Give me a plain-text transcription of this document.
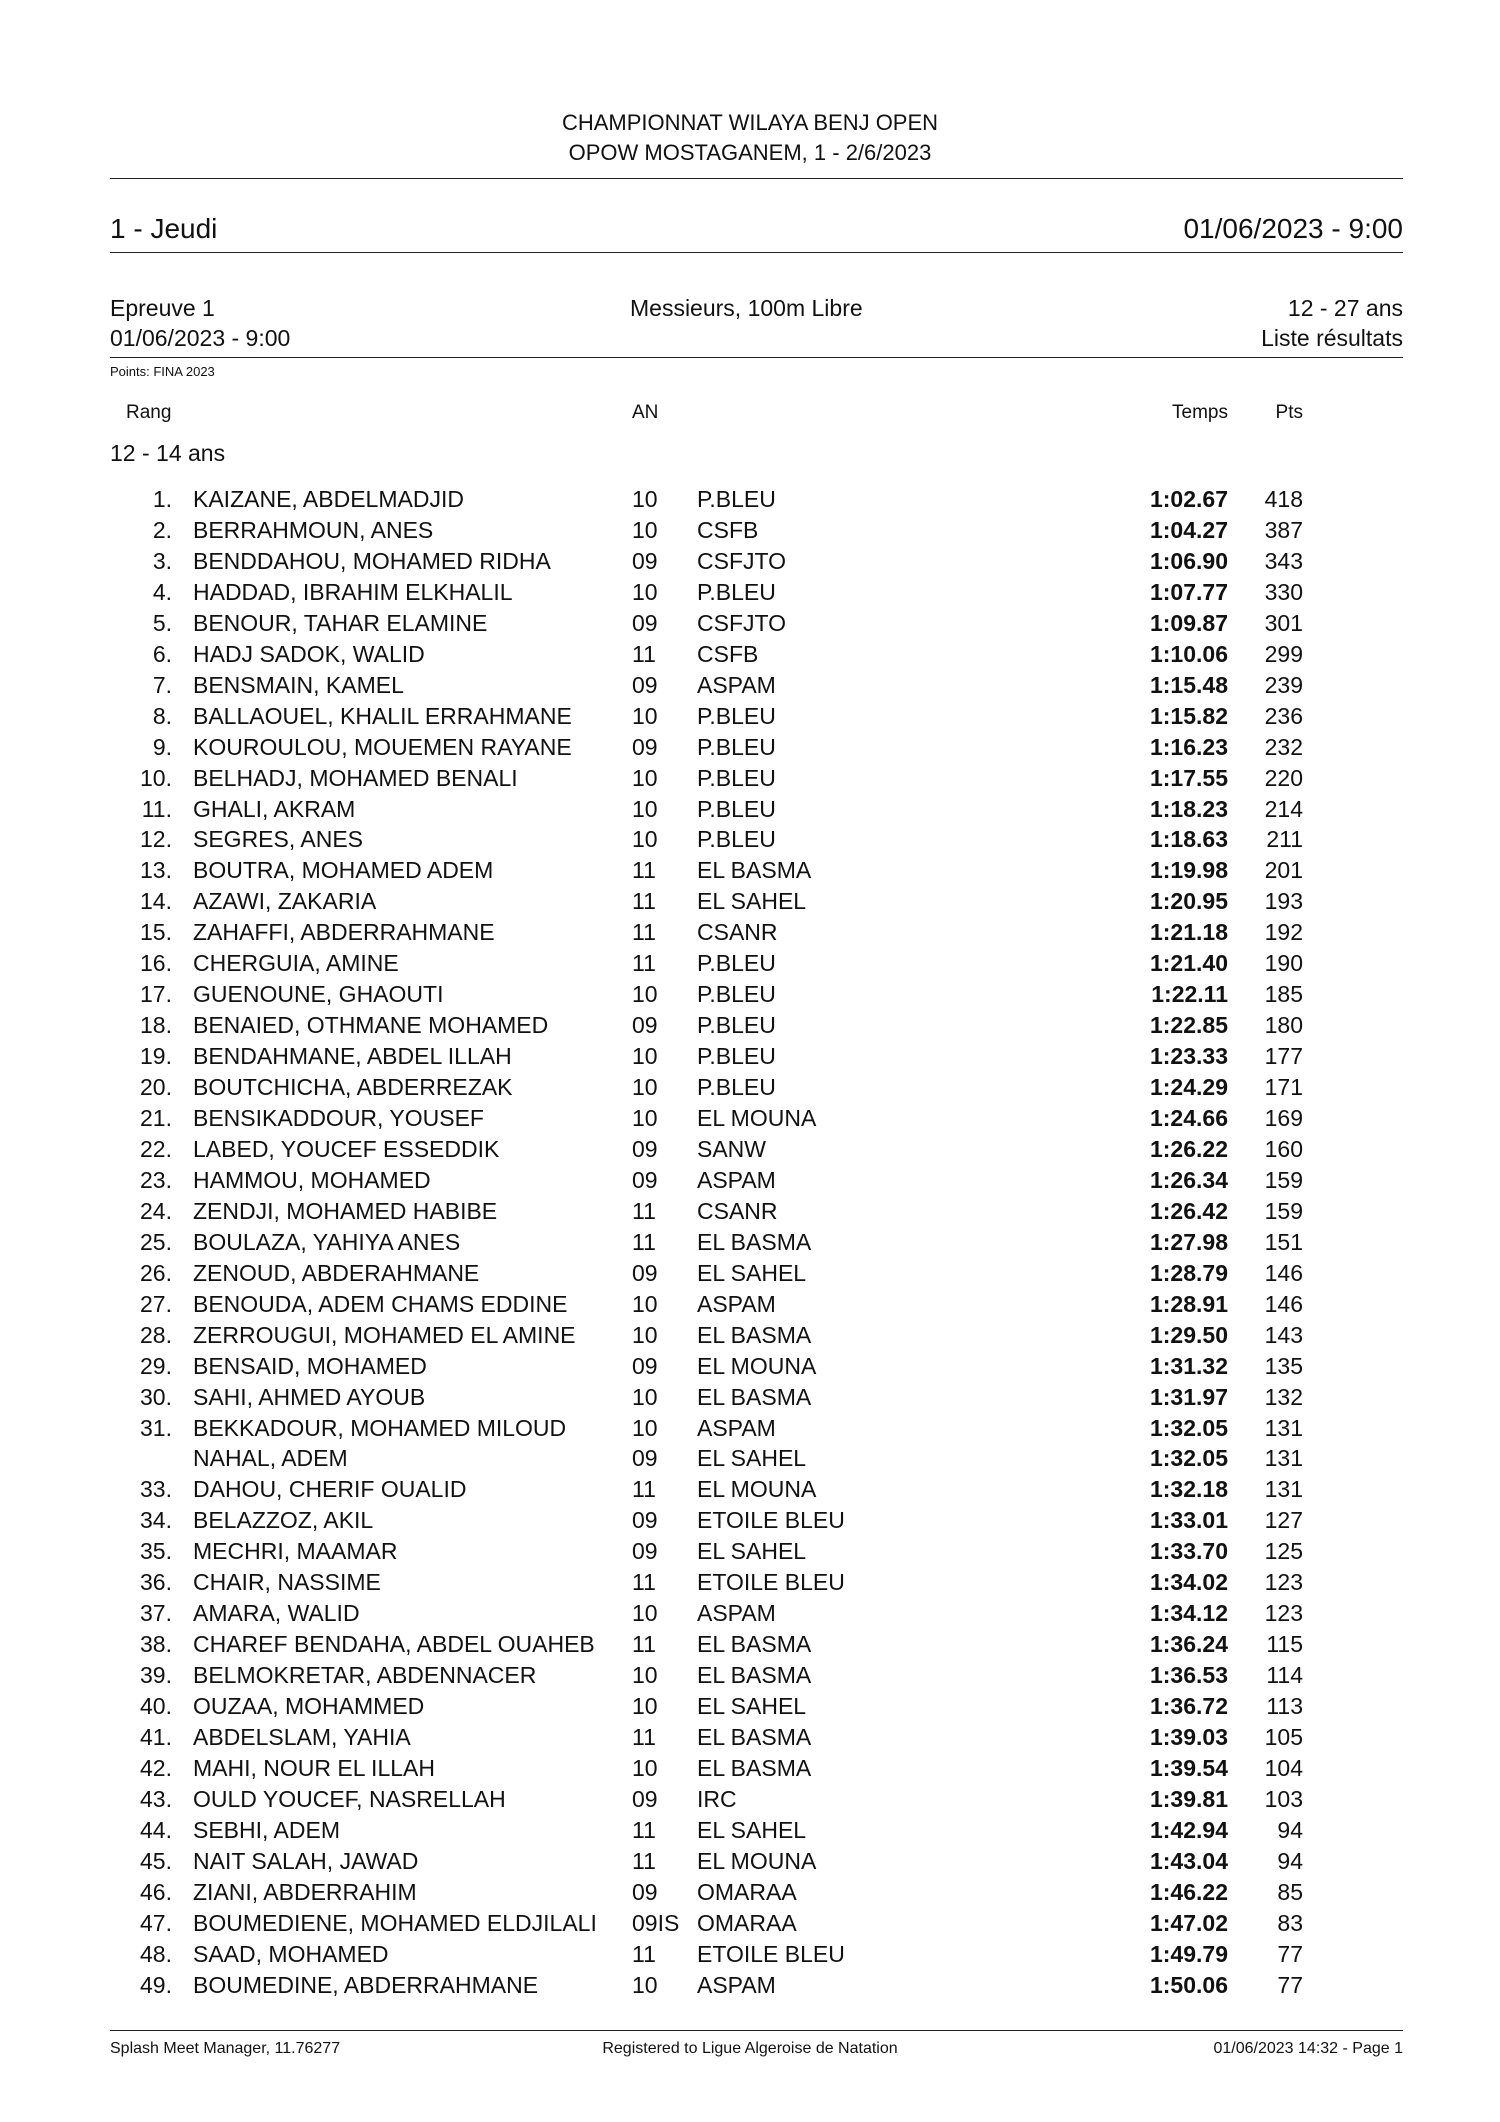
CHAMPIONNAT WILAYA BENJ OPEN
OPOW MOSTAGANEM, 1 - 2/6/2023
1 - Jeudi	01/06/2023 - 9:00
Epreuve 1	Messieurs, 100m Libre	12 - 27 ans
01/06/2023 - 9:00	Liste résultats
Points: FINA 2023
Rang	AN	Temps	Pts
12 - 14 ans
1. KAIZANE, ABDELMADJID	10 P.BLEU	1:02.67 418
2. BERRAHMOUN, ANES	10 CSFB	1:04.27 387
3. BENDDAHOU, MOHAMED RIDHA	09 CSFJTO	1:06.90 343
4. HADDAD, IBRAHIM ELKHALIL	10 P.BLEU	1:07.77 330
5. BENOUR, TAHAR ELAMINE	09 CSFJTO	1:09.87 301
6. HADJ SADOK, WALID	11 CSFB	1:10.06 299
7. BENSMAIN, KAMEL	09 ASPAM	1:15.48 239
8. BALLAOUEL, KHALIL ERRAHMANE	10 P.BLEU	1:15.82 236
9. KOUROULOU, MOUEMEN RAYANE	09 P.BLEU	1:16.23 232
10. BELHADJ, MOHAMED BENALI	10 P.BLEU	1:17.55 220
11. GHALI, AKRAM	10 P.BLEU	1:18.23 214
12. SEGRES, ANES	10 P.BLEU	1:18.63 211
13. BOUTRA, MOHAMED ADEM	11 EL BASMA	1:19.98 201
14. AZAWI, ZAKARIA	11 EL SAHEL	1:20.95 193
15. ZAHAFFI, ABDERRAHMANE	11 CSANR	1:21.18 192
16. CHERGUIA, AMINE	11 P.BLEU	1:21.40 190
17. GUENOUNE, GHAOUTI	10 P.BLEU	1:22.11 185
18. BENAIED, OTHMANE MOHAMED	09 P.BLEU	1:22.85 180
19. BENDAHMANE, ABDEL ILLAH	10 P.BLEU	1:23.33 177
20. BOUTCHICHA, ABDERREZAK	10 P.BLEU	1:24.29 171
21. BENSIKADDOUR, YOUSEF	10 EL MOUNA	1:24.66 169
22. LABED, YOUCEF ESSEDDIK	09 SANW	1:26.22 160
23. HAMMOU, MOHAMED	09 ASPAM	1:26.34 159
24. ZENDJI, MOHAMED HABIBE	11 CSANR	1:26.42 159
25. BOULAZA, YAHIYA ANES	11 EL BASMA	1:27.98 151
26. ZENOUD, ABDERAHMANE	09 EL SAHEL	1:28.79 146
27. BENOUDA, ADEM CHAMS EDDINE	10 ASPAM	1:28.91 146
28. ZERROUGUI, MOHAMED EL AMINE 10 EL BASMA	1:29.50 143
29. BENSAID, MOHAMED	09 EL MOUNA	1:31.32 135
30. SAHI, AHMED AYOUB	10 EL BASMA	1:31.97 132
31. BEKKADOUR, MOHAMED MILOUD	10 ASPAM	1:32.05 131
NAHAL, ADEM	09 EL SAHEL	1:32.05 131
33. DAHOU, CHERIF OUALID	11 EL MOUNA	1:32.18 131
34. BELAZZOZ, AKIL	09 ETOILE BLEU	1:33.01 127
35. MECHRI, MAAMAR	09 EL SAHEL	1:33.70 125
36. CHAIR, NASSIME	11 ETOILE BLEU	1:34.02 123
37. AMARA, WALID	10 ASPAM	1:34.12 123
38. CHAREF BENDAHA, ABDEL OUAHEB 11 EL BASMA	1:36.24 115
39. BELMOKRETAR, ABDENNACER	10 EL BASMA	1:36.53 114
40. OUZAA, MOHAMMED	10 EL SAHEL	1:36.72 113
41. ABDELSLAM, YAHIA	11 EL BASMA	1:39.03 105
42. MAHI, NOUR EL ILLAH	10 EL BASMA	1:39.54 104
43. OULD YOUCEF, NASRELLAH	09 IRC	1:39.81 103
44. SEBHI, ADEM	11 EL SAHEL	1:42.94 94
45. NAIT SALAH, JAWAD	11 EL MOUNA	1:43.04 94
46. ZIANI, ABDERRAHIM	09 OMARAA	1:46.22 85
47. BOUMEDIENE, MOHAMED ELDJILALI 09IS OMARAA	1:47.02 83
48. SAAD, MOHAMED	11 ETOILE BLEU	1:49.79 77
49. BOUMEDINE, ABDERRAHMANE	10 ASPAM	1:50.06 77
Splash Meet Manager, 11.76277	Registered to Ligue Algeroise de Natation	01/06/2023 14:32 - Page 1
